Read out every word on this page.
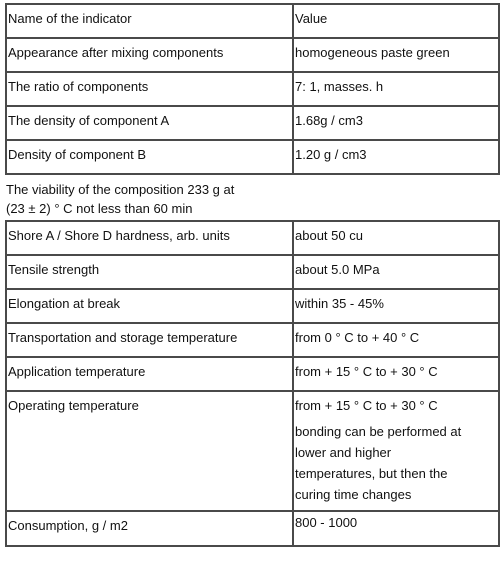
Name of the indicator	Value
Appearance after mixing components	homogeneous paste green
The ratio of components	7: 1, masses. h
The density of component A	1.68g / cm3
Density of component B	1.20 g / cm3
The viability of the composition 233 g at
(23 ± 2) ° C not less than 60 min
Shore A / Shore D hardness, arb. units	about 50 cu
Tensile strength	about 5.0 MPa
Elongation at break	within 35 - 45%
Transportation and storage temperature	from 0 ° C to + 40 ° C
Application temperature	from + 15 ° C to + 30 ° C
Operating temperature	from + 15 ° C to + 30 ° C
bonding can be performed at
lower and higher
temperatures, but then the
curing time changes

Consumption, g / m2	800 - 1000
